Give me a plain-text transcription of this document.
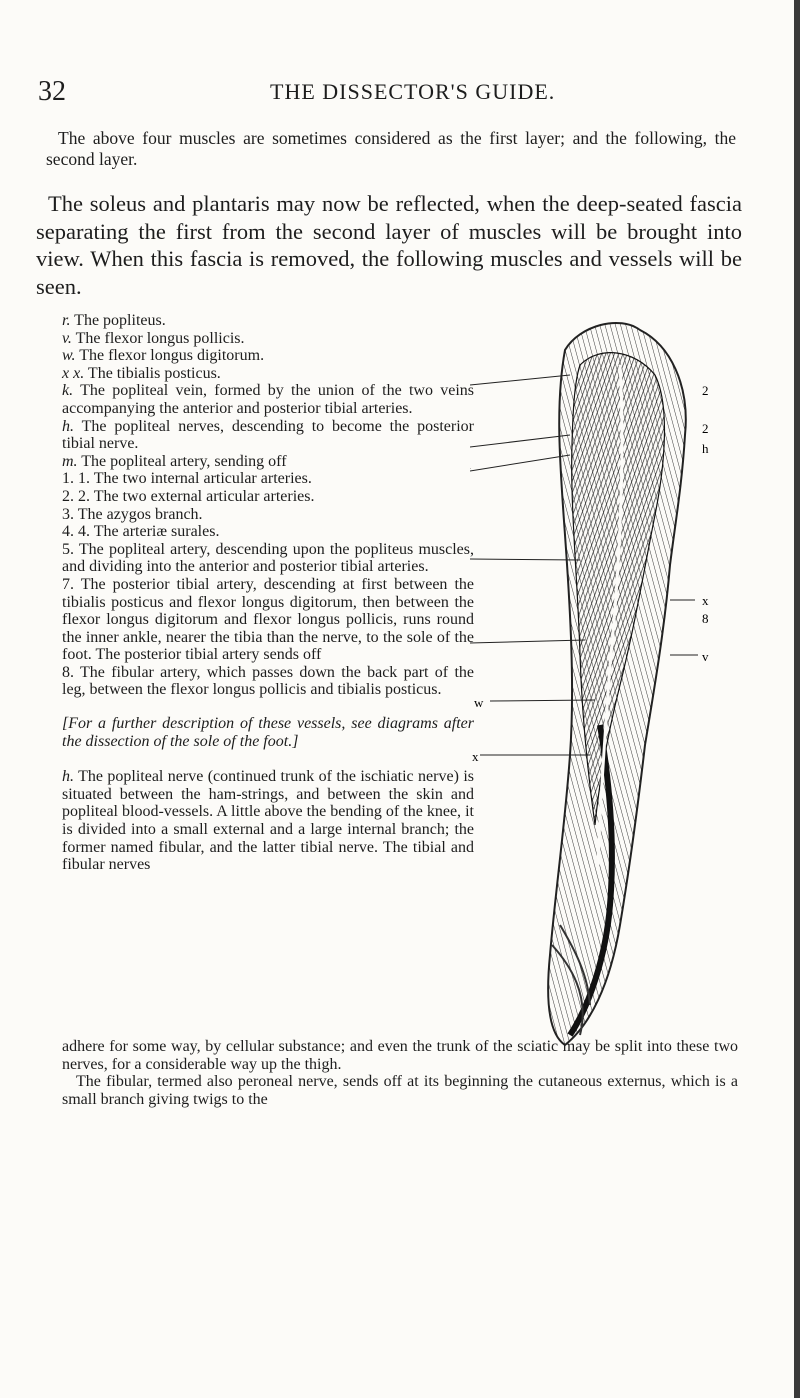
32	THE DISSECTOR'S GUIDE.

The above four muscles are sometimes considered as the first layer; and the following, the second layer.

The soleus and plantaris may now be reflected, when the deep-seated fascia separating the first from the second layer of muscles will be brought into view. When this fascia is removed, the following muscles and vessels will be seen.

r. The popliteus.

v. The flexor longus pollicis.

w. The flexor longus digitorum.

x x. The tibialis posticus.

k. The popliteal vein, formed by the union of the two veins accompanying the anterior and posterior tibial arteries.

h. The popliteal nerves, descending to become the posterior tibial nerve.

m. The popliteal artery, sending off

1. 1. The two internal articular arteries.

2. 2. The two external articular arteries.

3. The azygos branch.

4. 4. The arteriæ surales.

5. The popliteal artery, descending upon the popliteus muscles, and dividing into the anterior and posterior tibial arteries.

7. The posterior tibial artery, descending at first between the tibialis posticus and flexor longus digitorum, then between the flexor longus digitorum and flexor longus pollicis, runs round the inner ankle, nearer the tibia than the nerve, to the sole of the foot. The posterior tibial artery sends off

8. The fibular artery, which passes down the back part of the leg, between the flexor longus pollicis and tibialis posticus.

[For a further description of these vessels, see diagrams after the dissection of the sole of the foot.]

h. The popliteal nerve (continued trunk of the ischiatic nerve) is situated between the ham-strings, and between the skin and popliteal blood-vessels. A little above the bending of the knee, it is divided into a small external and a large internal branch; the former named fibular, and the latter tibial nerve. The tibial and fibular nerves

adhere for some way, by cellular substance; and even the trunk of the sciatic may be split into these two nerves, for a considerable way up the thigh.

The fibular, termed also peroneal nerve, sends off at its beginning the cutaneous externus, which is a small branch giving twigs to the

w
x
2
2
h
x
8
v
